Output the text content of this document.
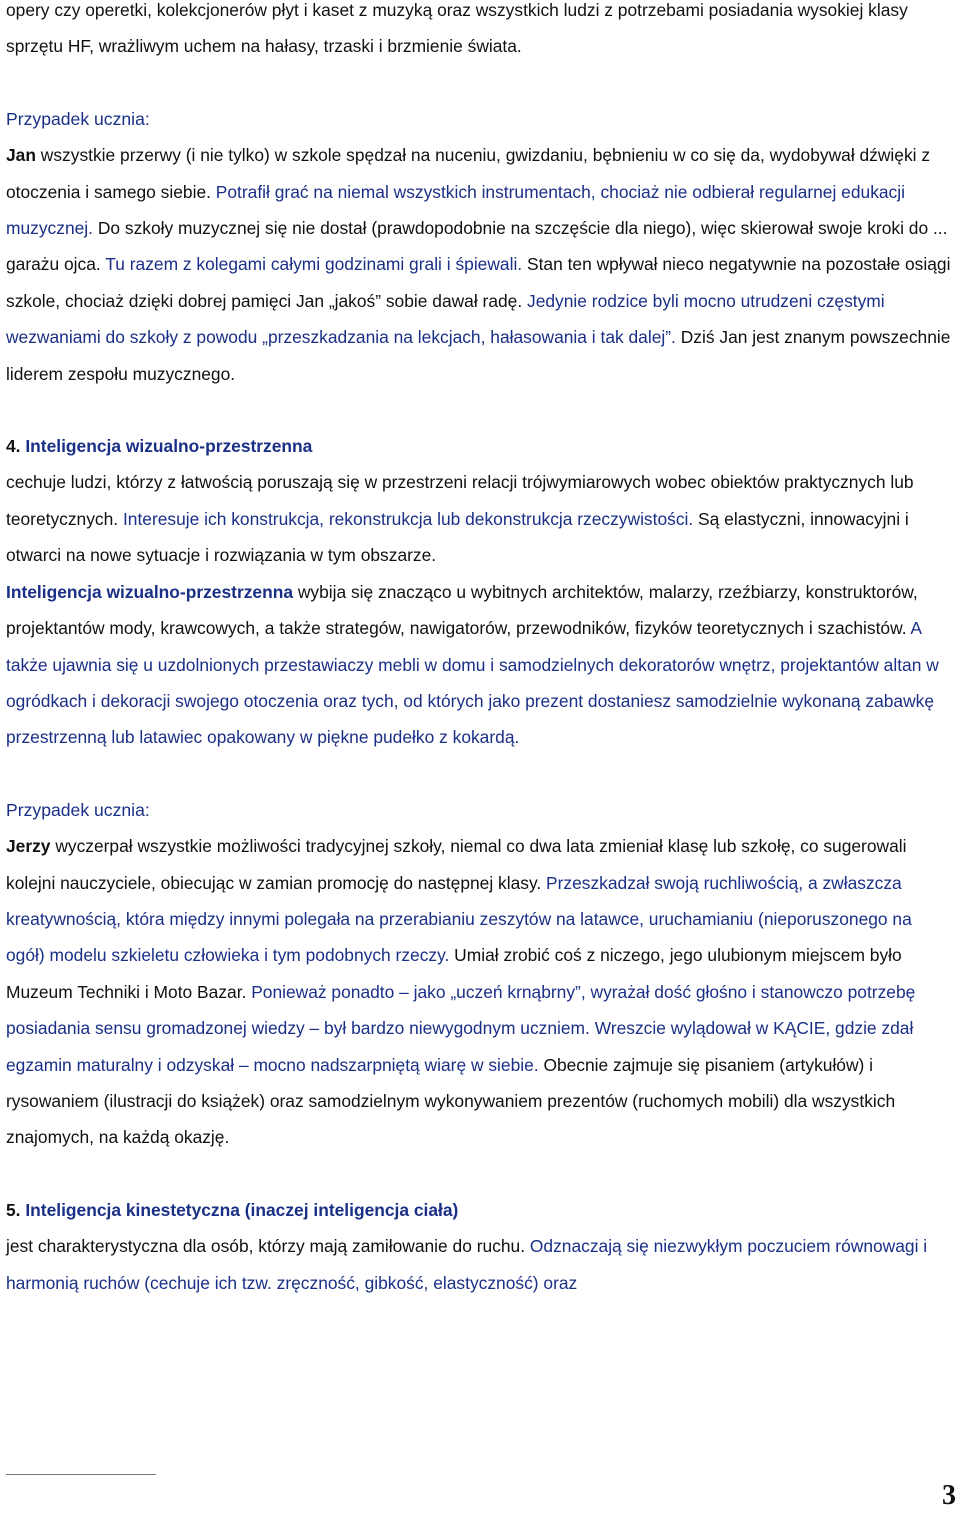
opery czy operetki, kolekcjonerów płyt i kaset z muzyką oraz wszystkich ludzi z potrzebami posiadania wysokiej klasy sprzętu HF, wrażliwym uchem na hałasy, trzaski i brzmienie świata.

Przypadek ucznia:

Jan wszystkie przerwy (i nie tylko) w szkole spędzał na nuceniu, gwizdaniu, bębnieniu w co się da, wydobywał dźwięki z otoczenia i samego siebie. Potrafił grać na niemal wszystkich instrumentach, chociaż nie odbierał regularnej edukacji muzycznej. Do szkoły muzycznej się nie dostał (prawdopodobnie na szczęście dla niego), więc skierował swoje kroki do ... garażu ojca. Tu razem z kolegami całymi godzinami grali i śpiewali. Stan ten wpływał nieco negatywnie na pozostałe osiągi szkole, chociaż dzięki dobrej pamięci Jan „jakoś” sobie dawał radę. Jedynie rodzice byli mocno utrudzeni częstymi wezwaniami do szkoły z powodu „przeszkadzania na lekcjach, hałasowania i tak dalej”. Dziś Jan jest znanym powszechnie liderem zespołu muzycznego.

4. Inteligencja wizualno-przestrzenna

cechuje ludzi, którzy z łatwością poruszają się w przestrzeni relacji trójwymiarowych wobec obiektów praktycznych lub teoretycznych. Interesuje ich konstrukcja, rekonstrukcja lub dekonstrukcja rzeczywistości. Są elastyczni, innowacyjni i otwarci na nowe sytuacje i rozwiązania w tym obszarze.

Inteligencja wizualno-przestrzenna wybija się znacząco u wybitnych architektów, malarzy, rzeźbiarzy, konstruktorów, projektantów mody, krawcowych, a także strategów, nawigatorów, przewodników, fizyków teoretycznych i szachistów. A także ujawnia się u uzdolnionych przestawiaczy mebli w domu i samodzielnych dekoratorów wnętrz, projektantów altan w ogródkach i dekoracji swojego otoczenia oraz tych, od których jako prezent dostaniesz samodzielnie wykonaną zabawkę przestrzenną lub latawiec opakowany w piękne pudełko z kokardą.

Przypadek ucznia:

Jerzy wyczerpał wszystkie możliwości tradycyjnej szkoły, niemal co dwa lata zmieniał klasę lub szkołę, co sugerowali kolejni nauczyciele, obiecując w zamian promocję do następnej klasy. Przeszkadzał swoją ruchliwością, a zwłaszcza kreatywnością, która między innymi polegała na przerabianiu zeszytów na latawce, uruchamianiu (nieporuszonego na ogół) modelu szkieletu człowieka i tym podobnych rzeczy. Umiał zrobić coś z niczego, jego ulubionym miejscem było Muzeum Techniki i Moto Bazar. Ponieważ ponadto – jako „uczeń krnąbrny”, wyrażał dość głośno i stanowczo potrzebę posiadania sensu gromadzonej wiedzy – był bardzo niewygodnym uczniem. Wreszcie wylądował w KĄCIE, gdzie zdał egzamin maturalny i odzyskał – mocno nadszarpniętą wiarę w siebie. Obecnie zajmuje się pisaniem (artykułów) i rysowaniem (ilustracji do książek) oraz samodzielnym wykonywaniem prezentów (ruchomych mobili) dla wszystkich znajomych, na każdą okazję.

5. Inteligencja kinestetyczna (inaczej inteligencja ciała)

jest charakterystyczna dla osób, którzy mają zamiłowanie do ruchu. Odznaczają się niezwykłym poczuciem równowagi i harmonią ruchów (cechuje ich tzw. zręczność, gibkość, elastyczność) oraz

3
